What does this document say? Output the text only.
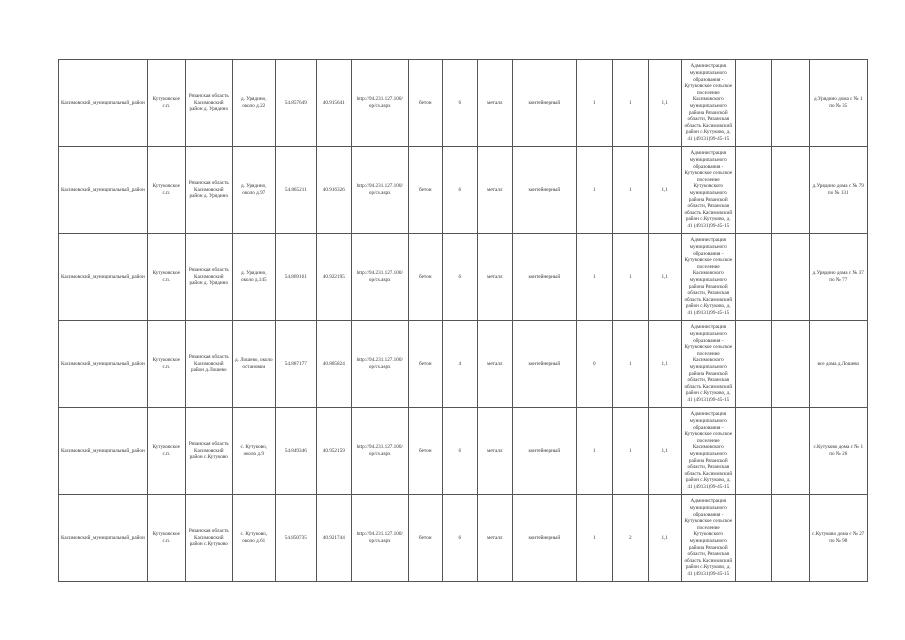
Касимовский_муниципальный_район	Кутуковское с.п.	Рязанская область Касимовский район д. Урядино	д. Урядино, около д.22	54.857649	40.915641	http://94.231.127.100/ op/cs.aspx	бетон	6	металл	контейнерный	1	1	1,1	Администрация муниципального образования - Кутуковское сельское поселение Касимовского муниципального района Рязанской области, Рязанская область Касимовский район с.Кутуково, д. 41 (49131)99-45-15			д.Урядино дома с № 1 по № 35
Касимовский_муниципальный_район	Кутуковское с.п.	Рязанская область Касимовский район д. Урядино	д. Урядино, около д.97	54.865211	40.916326	http://94.231.127.100/ op/cs.aspx	бетон	6	металл	контейнерный	1	1	1,1	Администрация муниципального образования - Кутуковское сельское поселение Кутуковского муниципального района Рязанской области, Рязанская область Касимовский район с.Кутуково, д. 41 (49131)99-45-15			д.Урядино дома с № 79 по № 131
Касимовский_муниципальный_район	Кутуковское с.п.	Рязанская область Касимовский район д. Урядино	д. Урядино, около д.145	54.869161	40.922195	http://94.231.127.100/ op/cs.aspx	бетон	6	металл	контейнерный	1	1	1,1	Администрация муниципального образования - Кутуковское сельское поселение Касимовского муниципального района Рязанской области, Рязанская область Касимовский район с.Кутуково, д. 41 (49131)99-45-15			д.Урядино дома с № 37 по № 77
Касимовский_муниципальный_район	Кутуковское с.п.	Рязанская область Касимовский район д.Лошево	д. Лошево, около остановки	54.887177	40.885824	http://94.231.127.100/ op/cs.aspx	бетон	4	металл	контейнерный	0	1	1,1	Администрация муниципального образования - Кутуковское сельское поселение Касимовского муниципального района Рязанской области, Рязанская область Касимовский район с.Кутуково, д. 41 (49131)99-45-15			все дома д.Лошево
Касимовский_муниципальный_район	Кутуковское с.п.	Рязанская область Касимовский район с.Кутуково	с. Кутуково, около д.9	54.849346	40.952159	http://94.231.127.100/ op/cs.aspx	бетон	6	металл	контейнерный	1	1	1,1	Администрация муниципального образования - Кутуковское сельское поселение Касимовского муниципального района Рязанской области, Рязанская область Касимовский район с.Кутуково, д. 41 (49131)99-45-15			с.Кутуково дома с № 1 по № 26
Касимовский_муниципальный_район	Кутуковское с.п.	Рязанская область Касимовский район с.Кутуково	с. Кутуково, около д.61	54.850735	40.921744	http://94.231.127.100/ op/cs.aspx	бетон	6	металл	контейнерный	1	2	1,1	Администрация муниципального образования - Кутуковское сельское поселение Кутуковского муниципального района Рязанской области, Рязанская область Касимовский район с.Кутуково, д. 41 (49131)99-45-15			с.Кутуково дома с № 27 по № 98
